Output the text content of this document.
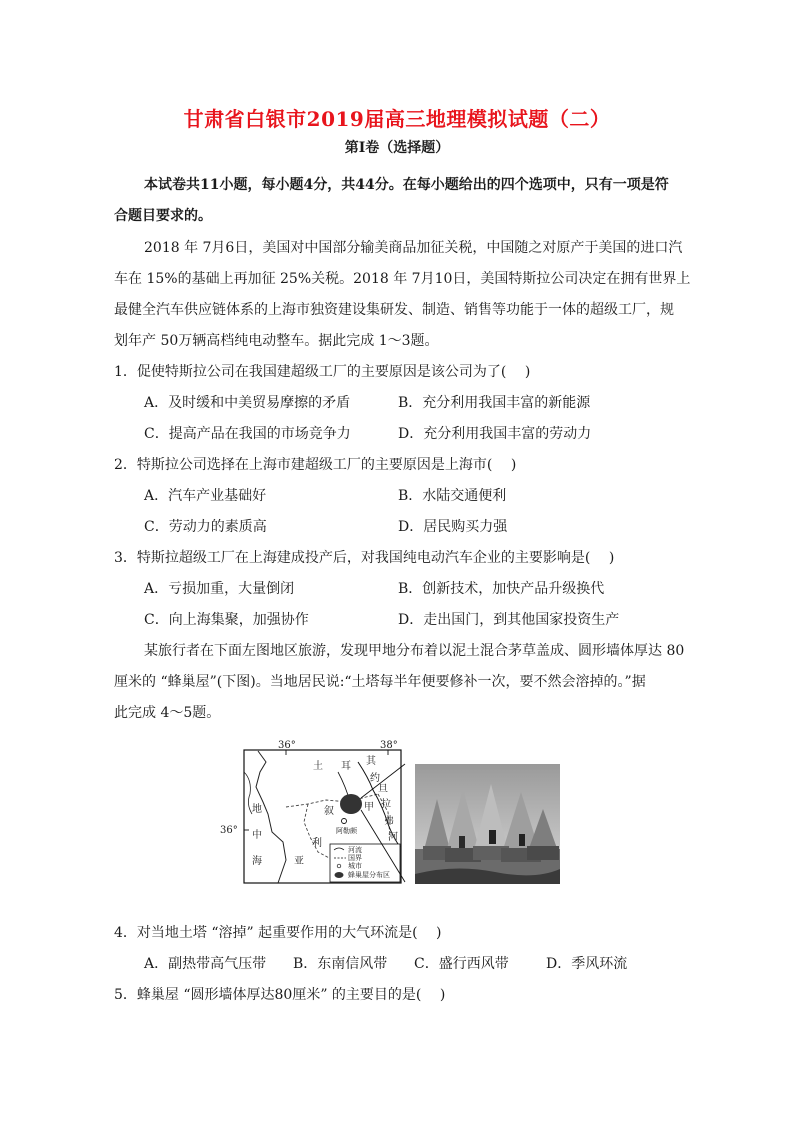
甘肃省白银市2019届高三地理模拟试题（二）
第Ⅰ卷（选择题）
本试卷共11小题，每小题4分，共44分。在每小题给出的四个选项中，只有一项是符
合题目要求的。
2018 年 7月6日，美国对中国部分输美商品加征关税，中国随之对原产于美国的进口汽
车在 15%的基础上再加征 25%关税。2018 年 7月10日，美国特斯拉公司决定在拥有世界上
最健全汽车供应链体系的上海市独资建设集研发、制造、销售等功能于一体的超级工厂，规
划年产 50万辆高档纯电动整车。据此完成 1～3题。
1．促使特斯拉公司在我国建超级工厂的主要原因是该公司为了(　 )
A．及时缓和中美贸易摩擦的矛盾	B．充分利用我国丰富的新能源
C．提高产品在我国的市场竞争力	D．充分利用我国丰富的劳动力
2．特斯拉公司选择在上海市建超级工厂的主要原因是上海市(　 )
A．汽车产业基础好	B．水陆交通便利
C．劳动力的素质高	D．居民购买力强
3．特斯拉超级工厂在上海建成投产后，对我国纯电动汽车企业的主要影响是(　 )
A．亏损加重，大量倒闭	B．创新技术，加快产品升级换代
C．向上海集聚，加强协作	D．走出国门，到其他国家投资生产
某旅行者在下面左图地区旅游，发现甲地分布着以泥土混合茅草盖成、圆形墙体厚达 80
厘米的 “蜂巢屋”(下图)。当地居民说:“土塔每半年便要修补一次，要不然会溶掉的。”据
此完成 4～5题。
河流
国界
城市
蜂巢屋分布区
36°	38°
36°
土 耳 其
约
旦
叙
利
亚
甲 拉
弗
河
地
中
海
阿勒颇
4．对当地土塔 “溶掉” 起重要作用的大气环流是(　 )
A．副热带高气压带 B．东南信风带 C．盛行西风带	D．季风环流
5．蜂巢屋 “圆形墙体厚达80厘米” 的主要目的是(　 )
